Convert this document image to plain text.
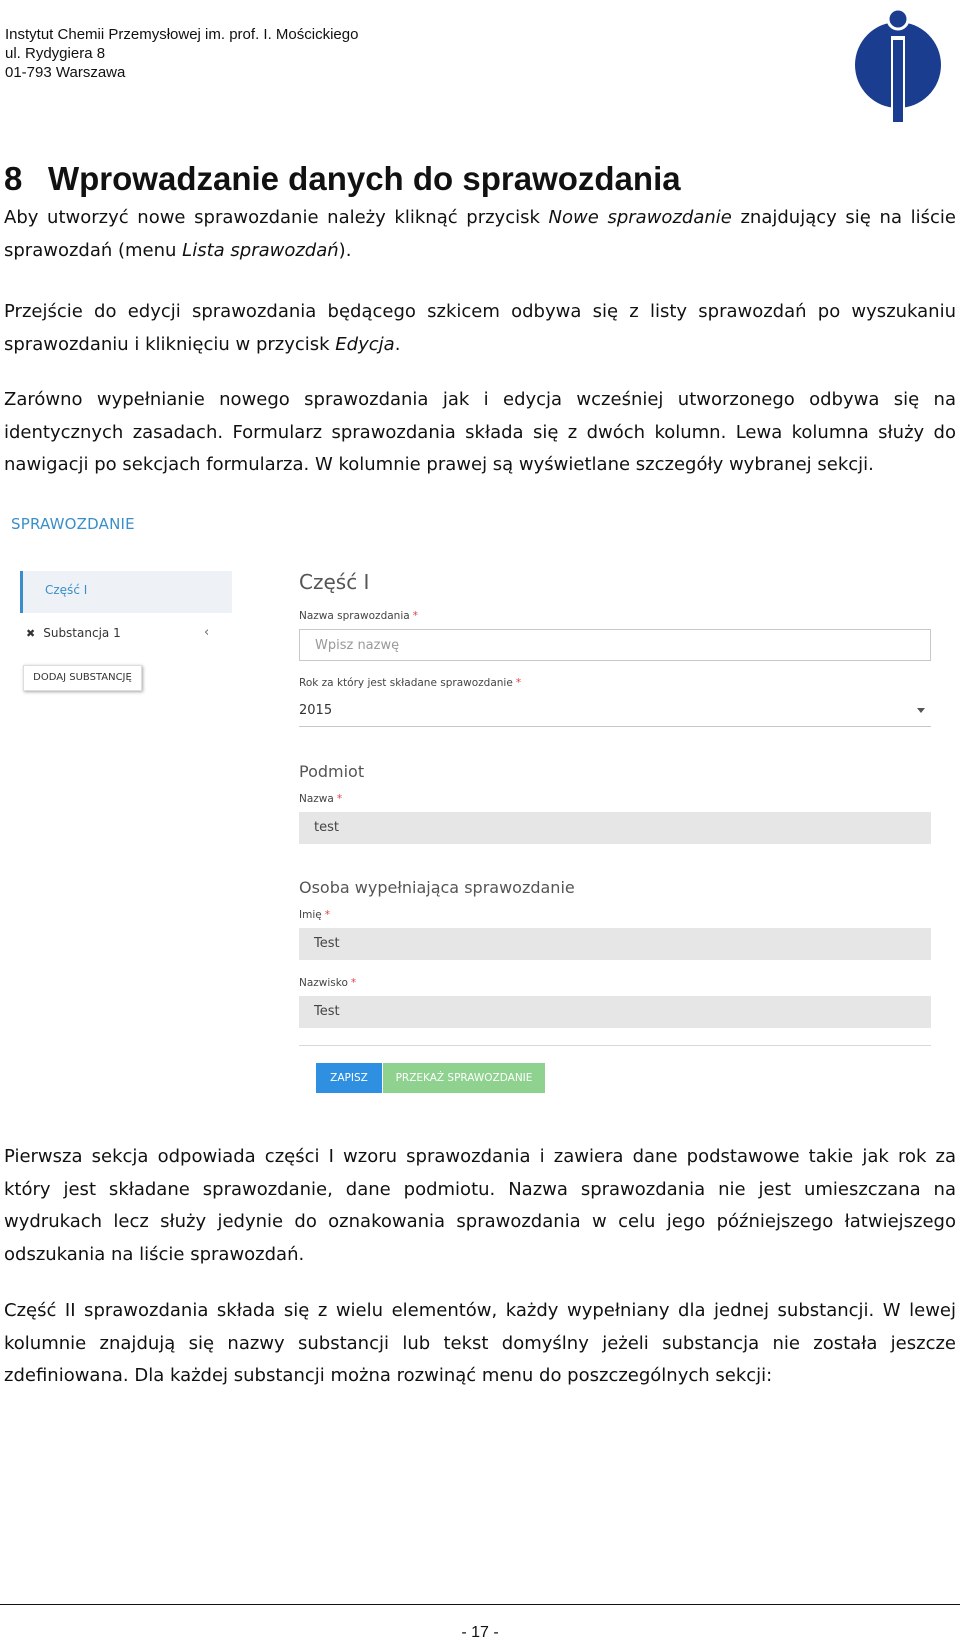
Instytut Chemii Przemysłowej im. prof. I. Mościckiego
ul. Rydygiera 8
01-793 Warszawa
8 Wprowadzanie danych do sprawozdania
Aby utworzyć nowe sprawozdanie należy kliknąć przycisk Nowe sprawozdanie znajdujący się na liście
sprawozdań (menu Lista sprawozdań).
Przejście do edycji sprawozdania będącego szkicem odbywa się z listy sprawozdań po wyszukaniu
sprawozdaniu i kliknięciu w przycisk Edycja.
Zarówno wypełnianie nowego sprawozdania jak i edycja wcześniej utworzonego odbywa się na
identycznych zasadach. Formularz sprawozdania składa się z dwóch kolumn. Lewa kolumna służy do
nawigacji po sekcjach formularza. W kolumnie prawej są wyświetlane szczegóły wybranej sekcji.
SPRAWOZDANIE
Część I
✖ Substancja 1	‹
DODAJ SUBSTANCJĘ
Część I
Nazwa sprawozdania *
Wpisz nazwę
Rok za który jest składane sprawozdanie *
2015
Podmiot
Nazwa *
test
Osoba wypełniająca sprawozdanie
Imię *
Test
Nazwisko *
Test
ZAPISZ	PRZEKAŻ SPRAWOZDANIE
Pierwsza sekcja odpowiada części I wzoru sprawozdania i zawiera dane podstawowe takie jak rok za
który jest składane sprawozdanie, dane podmiotu. Nazwa sprawozdania nie jest umieszczana na
wydrukach lecz służy jedynie do oznakowania sprawozdania w celu jego późniejszego łatwiejszego
odszukania na liście sprawozdań.
Część II sprawozdania składa się z wielu elementów, każdy wypełniany dla jednej substancji. W lewej
kolumnie znajdują się nazwy substancji lub tekst domyślny jeżeli substancja nie została jeszcze
zdefiniowana. Dla każdej substancji można rozwinąć menu do poszczególnych sekcji:
- 17 -
